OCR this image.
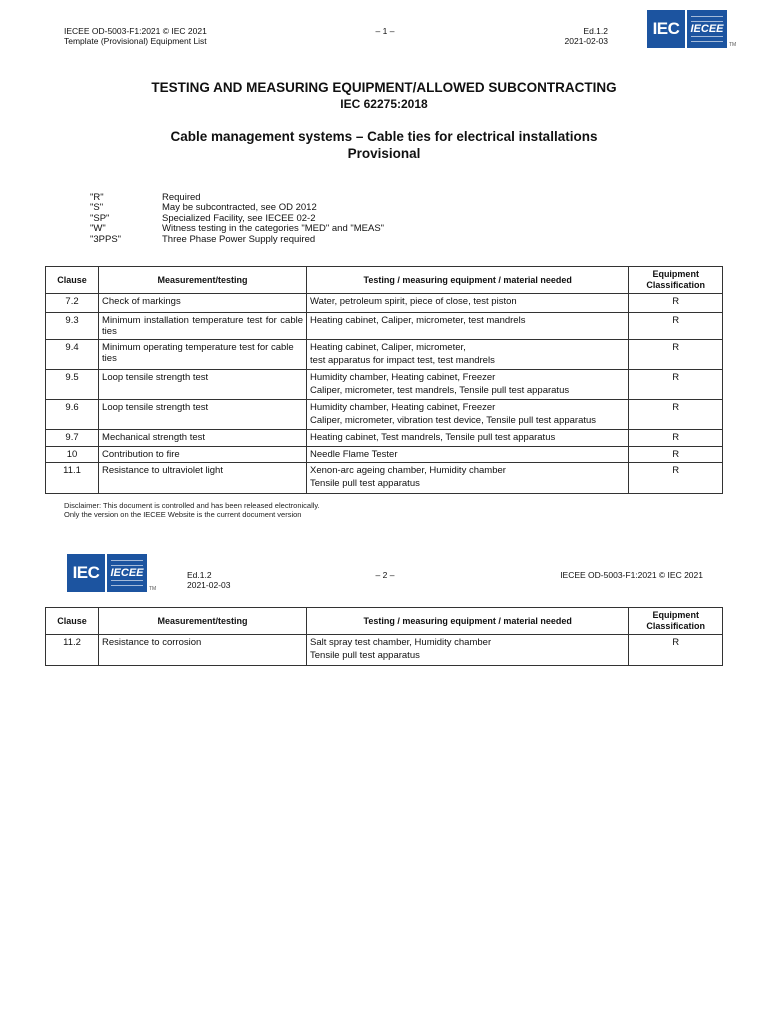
IECEE OD-5003-F1:2021 © IEC 2021
Template (Provisional) Equipment List
– 1 –	Ed.1.2
2021-02-03
IEC IECEE
TM
TESTING AND MEASURING EQUIPMENT/ALLOWED SUBCONTRACTING
IEC 62275:2018
Cable management systems – Cable ties for electrical installations
Provisional
"R"	Required
"S"	May be subcontracted, see OD 2012
"SP"	Specialized Facility, see IECEE 02-2
"W"	Witness testing in the categories "MED" and "MEAS"
"3PPS"	Three Phase Power Supply required
Clause	Measurement/testing	Testing / measuring equipment / material needed	Equipment
Classification

7.2	Check of markings	Water, petroleum spirit, piece of close, test piston	R
9.3	Minimum installation temperature test for cable ties	Heating cabinet, Caliper, micrometer, test mandrels	R
9.4	Minimum operating temperature test for cable ties	Heating cabinet, Caliper, micrometer,
test apparatus for impact test, test mandrels	R
9.5	Loop tensile strength test	Humidity chamber, Heating cabinet, Freezer
Caliper, micrometer, test mandrels, Tensile pull test apparatus	R
9.6	Loop tensile strength test	Humidity chamber, Heating cabinet, Freezer
Caliper, micrometer, vibration test device, Tensile pull test apparatus	R
9.7	Mechanical strength test	Heating cabinet, Test mandrels, Tensile pull test apparatus	R
10	Contribution to fire	Needle Flame Tester	R
11.1	Resistance to ultraviolet light	Xenon-arc ageing chamber, Humidity chamber
Tensile pull test apparatus	R
Disclaimer: This document is controlled and has been released electronically.
Only the version on the IECEE Website is the current document version
IEC IECEE
TM
Ed.1.2
2021-02-03
– 2 –	IECEE OD-5003-F1:2021 © IEC 2021
Clause	Measurement/testing	Testing / measuring equipment / material needed	Equipment
Classification

11.2	Resistance to corrosion	Salt spray test chamber, Humidity chamber
Tensile pull test apparatus	R
